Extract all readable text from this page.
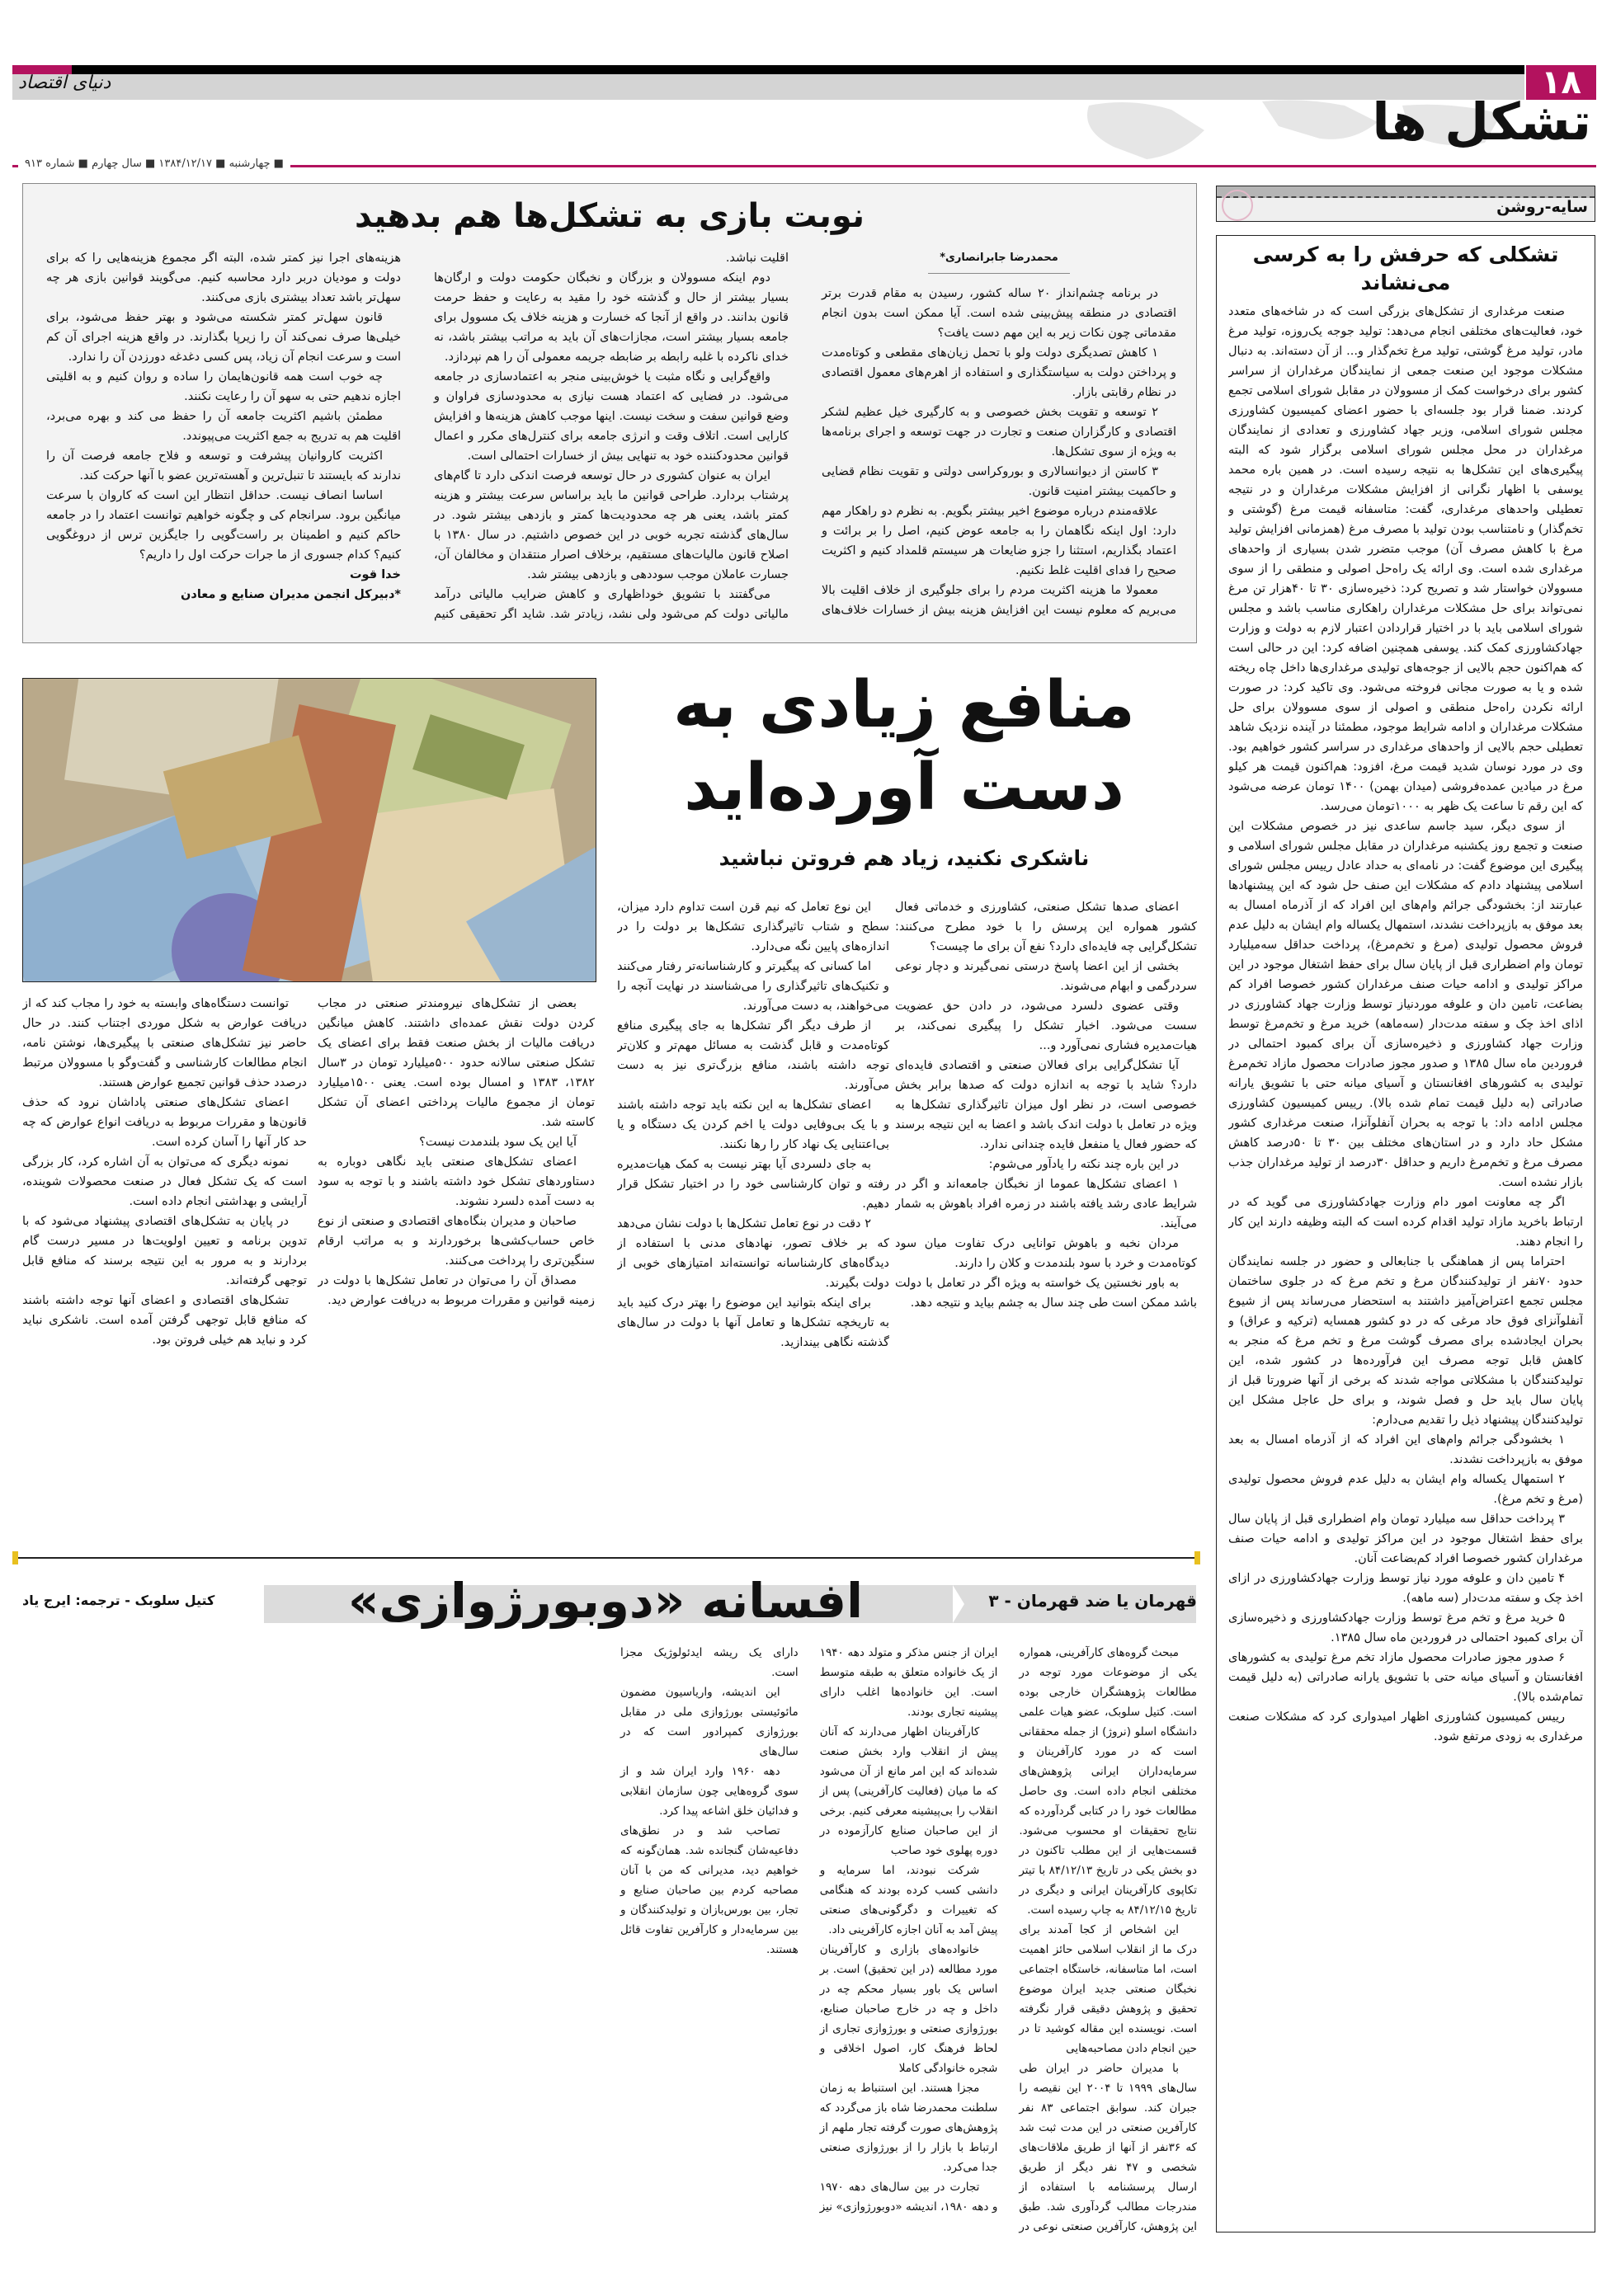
دنیای اقتصاد	۱۸
تشکل ها
■ چهارشنبه ■ ۱۳۸۴/۱۲/۱۷ ■ سال چهارم ■ شماره ۹۱۳
نوبت بازی به تشکل‌ها هم بدهید

محمدرضا جابرانصاری*

در برنامه چشم‌انداز ۲۰ ساله کشور، رسیدن به مقام قدرت برتر اقتصادی در منطقه پیش‌بینی شده است. آیا ممکن است بدون انجام مقدماتی چون نکات زیر به این مهم دست یافت؟

۱ کاهش تصدیگری دولت ولو با تحمل زیان‌های مقطعی و کوتاه‌مدت و پرداختن دولت به سیاستگذاری و استفاده از اهرم‌های معمول اقتصادی در نظام رقابتی بازار.

۲ توسعه و تقویت بخش خصوصی و به کارگیری خیل عظیم لشکر اقتصادی و کارگزاران صنعت و تجارت در جهت توسعه و اجرای برنامه‌ها به ویژه از سوی تشکل‌ها.

۳ کاستن از دیوانسالاری و بوروکراسی دولتی و تقویت نظام قضایی و حاکمیت بیشتر امنیت قانون.

علاقه‌مندم درباره موضوع اخیر بیشتر بگویم. به نظرم دو راهکار مهم دارد: اول اینکه نگاهمان را به جامعه عوض کنیم، اصل را بر برائت و اعتماد بگذاریم، استثنا را جزو ضایعات هر سیستم قلمداد کنیم و اکثریت صحیح را فدای اقلیت غلط نکنیم.

معمولا ما هزینه اکثریت مردم را برای جلوگیری از خلاف اقلیت بالا می‌بریم که معلوم نیست این افزایش هزینه بیش از خسارات خلاف‌های اقلیت نباشد.

دوم اینکه مسوولان و بزرگان و نخبگان حکومت دولت و ارگان‌ها بسیار بیشتر از حال و گذشته خود را مقید به رعایت و حفظ حرمت قانون بدانند. در واقع از آنجا که خسارت و هزینه خلاف یک مسوول برای جامعه بسیار بیشتر است، مجازات‌های آن باید به مراتب بیشتر باشد، نه خدای ناکرده با غلبه رابطه بر ضابطه جریمه معمولی آن را هم نپردازد.

واقع‌گرایی و نگاه مثبت یا خوش‌بینی منجر به اعتمادسازی در جامعه می‌شود. در فضایی که اعتماد هست نیازی به محدودسازی فراوان و وضع قوانین سفت و سخت نیست. اینها موجب کاهش هزینه‌ها و افزایش کارایی است. اتلاف وقت و انرژی جامعه برای کنترل‌های مکرر و اعمال قوانین محدودکننده خود به تنهایی بیش از خسارات احتمالی است.

ایران به عنوان کشوری در حال توسعه فرصت اندکی دارد تا گام‌های پرشتاب بردارد. طراحی قوانین ما باید براساس سرعت بیشتر و هزینه کمتر باشد، یعنی هر چه محدودیت‌ها کمتر و بازدهی بیشتر شود. در سال‌های گذشته تجربه خوبی در این خصوص داشتیم. در سال ۱۳۸۰ با اصلاح قانون مالیات‌های مستقیم، برخلاف اصرار منتقدان و مخالفان آن، جسارت عاملان موجب سوددهی و بازدهی بیشتر شد.

می‌گفتند با تشویق خوداظهاری و کاهش ضرایب مالیاتی درآمد مالیاتی دولت کم می‌شود ولی نشد، زیادتر شد. شاید اگر تحقیقی کنیم هزینه‌های اجرا نیز کمتر شده، البته اگر مجموع هزینه‌هایی را که برای دولت و مودیان دربر دارد محاسبه کنیم. می‌گویند قوانین بازی هر چه سهل‌تر باشد تعداد بیشتری بازی می‌کنند.

قانون سهل‌تر کمتر شکسته می‌شود و بهتر حفظ می‌شود، برای خیلی‌ها صرف نمی‌کند آن را زیرپا بگذارند. در واقع هزینه اجرای آن کم است و سرعت انجام آن زیاد، پس کسی دغدغه دورزدن آن را ندارد.

چه خوب است همه قانون‌هایمان را ساده و روان کنیم و به اقلیتی اجازه ندهیم حتی به سهو آن را رعایت نکنند.

مطمئن باشیم اکثریت جامعه آن را حفظ می کند و بهره می‌برد، اقلیت هم به تدریج به جمع اکثریت می‌پیوندد.

اکثریت کاروانیان پیشرفت و توسعه و فلاح جامعه فرصت آن را ندارند که بایستند تا تنبل‌ترین و آهسته‌ترین عضو با آنها حرکت کند.

اساسا انصاف نیست. حداقل انتظار این است که کاروان با سرعت میانگین برود. سرانجام کی و چگونه خواهیم توانست اعتماد را در جامعه حاکم کنیم و اطمینان بر راست‌گویی را جایگزین ترس از دروغگویی کنیم؟ کدام جسوری از ما جرات حرکت اول را داریم؟

خدا قوت

*دبیرکل انجمن مدیران صنایع و معادن

سایه-روشن
تشکلی که حرفش را به کرسی می‌نشاند

صنعت مرغداری از تشکل‌های بزرگی است که در شاخه‌های متعدد خود، فعالیت‌های مختلفی انجام می‌دهد: تولید جوجه یک‌روزه، تولید مرغ مادر، تولید مرغ گوشتی، تولید مرغ تخم‌گذار و... از آن دسته‌اند. به دنبال مشکلات موجود این صنعت جمعی از نمایندگان مرغداران از سراسر کشور برای درخواست کمک از مسوولان در مقابل شورای اسلامی تجمع کردند. ضمنا قرار بود جلسه‌ای با حضور اعضای کمیسیون کشاورزی مجلس شورای اسلامی، وزیر جهاد کشاورزی و تعدادی از نمایندگان مرغداران در محل مجلس شورای اسلامی برگزار شود که البته پیگیری‌های این تشکل‌ها به نتیجه رسیده است. در همین باره محمد یوسفی با اظهار نگرانی از افزایش مشکلات مرغداران و در نتیجه تعطیلی واحدهای مرغداری، گفت: متاسفانه قیمت مرغ (گوشتی و تخم‌گذار) و نامتناسب بودن تولید با مصرف مرغ (همزمانی افزایش تولید مرغ با کاهش مصرف آن) موجب متضرر شدن بسیاری از واحدهای مرغداری شده است. وی ارائه یک راه‌حل اصولی و منطقی را از سوی مسوولان خواستار شد و تصریح کرد: ذخیره‌سازی ۳۰ تا ۴۰هزار تن مرغ نمی‌تواند برای حل مشکلات مرغداران راهکاری مناسب باشد و مجلس شورای اسلامی باید با در اختیار قراردادن اعتبار لازم به دولت و وزارت جهادکشاورزی کمک کند. یوسفی همچنین اضافه کرد: این در حالی است که هم‌اکنون حجم بالایی از جوجه‌های تولیدی مرغداری‌ها داخل چاه ریخته شده و یا به صورت مجانی فروخته می‌شود. وی تاکید کرد: در صورت ارائه نکردن راه‌حل منطقی و اصولی از سوی مسوولان برای حل مشکلات مرغداران و ادامه شرایط موجود، مطمئنا در آینده نزدیک شاهد تعطیلی حجم بالایی از واحدهای مرغداری در سراسر کشور خواهیم بود. وی در مورد نوسان شدید قیمت مرغ، افزود: هم‌اکنون قیمت هر کیلو مرغ در میادین عمده‌فروشی (میدان بهمن) ۱۴۰۰ تومان عرضه می‌شود که این رقم تا ساعت یک ظهر به ۱۰۰۰تومان می‌رسد.

از سوی دیگر، سید جاسم ساعدی نیز در خصوص مشکلات این صنعت و تجمع روز یکشنبه مرغداران در مقابل مجلس شورای اسلامی و پیگیری این موضوع گفت: در نامه‌ای به حداد عادل رییس مجلس شورای اسلامی پیشنهاد دادم که مشکلات این صنف حل شود که این پیشنهادها عبارتند از: بخشودگی جرائم وام‌های این افراد که از آذرماه امسال به بعد موفق به بازپرداخت نشدند، استمهال یکساله وام ایشان به دلیل عدم فروش محصول تولیدی (مرغ و تخم‌مرغ)، پرداخت حداقل سه‌میلیارد تومان وام اضطراری قبل از پایان سال برای حفظ اشتغال موجود در این مراکز تولیدی و ادامه حیات صنف مرغداران کشور خصوصا افراد کم بضاعت، تامین دان و علوفه موردنیاز توسط وزارت جهاد کشاورزی در اذای اخذ چک و سفته مدت‌دار (سه‌ماهه) خرید مرغ و تخم‌مرغ توسط وزارت جهاد کشاورزی و ذخیره‌سازی آن برای کمبود احتمالی در فروردین ماه سال ۱۳۸۵ و صدور مجوز صادرات محصول مازاد تخم‌مرغ تولیدی به کشورهای افغانستان و آسیای میانه حتی با تشویق یارانه صادراتی (به دلیل قیمت تمام شده بالا). رییس کمیسیون کشاورزی مجلس ادامه داد: با توجه به بحران آنفلوآنزا، صنعت مرغداری کشور مشکل حاد دارد و در استان‌های مختلف بین ۳۰ تا ۵۰درصد کاهش مصرف مرغ و تخم‌مرغ داریم و حداقل ۳۰درصد از تولید مرغداران جذب بازار نشده است.

اگر چه معاونت امور دام وزارت جهادکشاورزی می گوید که در ارتباط باخرید مازاد تولید اقدام کرده است که البته وظیفه دارند این کار را انجام دهند.

احتراما پس از هماهنگی با جنابعالی و حضور در جلسه نمایندگان حدود ۷۰نفر از تولیدکنندگان مرغ و تخم مرغ که در جلوی ساختمان مجلس تجمع اعتراض‌آمیز داشتند به استحضار می‌رساند پس از شیوع آنفلوآنزای فوق حاد مرغی که در دو کشور همسایه (ترکیه و عراق) و بحران ایجادشده برای مصرف گوشت مرغ و تخم مرغ که منجر به کاهش قابل توجه مصرف این فرآورده‌ها در کشور شده، این تولیدکنندگان با مشکلاتی مواجه شدند که برخی از آنها ضرورتا قبل از پایان سال باید حل و فصل شوند، و برای حل عاجل مشکل این تولیدکنندگان پیشنهاد ذیل را تقدیم می‌دارم:

۱ بخشودگی جرائم وام‌های این افراد که از آذرماه امسال به بعد موفق به بازپرداخت نشدند.

۲ استمهال یکساله وام ایشان به دلیل عدم فروش محصول تولیدی (مرغ و تخم مرغ).

۳ پرداخت حداقل سه میلیارد تومان وام اضطراری قبل از پایان سال برای حفظ اشتغال موجود در این مراکز تولیدی و ادامه حیات صنف مرغداران کشور خصوصا افراد کم‌بضاعت آنان.

۴ تامین دان و علوفه مورد نیاز توسط وزارت جهادکشاورزی در ازای اخذ چک و سفته مدت‌دار (سه ماهه).

۵ خرید مرغ و تخم مرغ توسط وزارت جهادکشاورزی و ذخیره‌سازی آن برای کمبود احتمالی در فروردین ماه سال ۱۳۸۵.

۶ صدور مجوز صادرات محصول مازاد تخم مرغ تولیدی به کشورهای افغانستان و آسیای میانه حتی با تشویق یارانه صادراتی (به دلیل قیمت تمام‌شده بالا).

رییس کمیسیون کشاورزی اظهار امیدواری کرد که مشکلات صنعت مرغداری به زودی مرتفع شود.

منافع زیادی به دست آورده‌اید
ناشکری نکنید، زیاد هم فروتن نباشید

اعضای صدها تشکل صنعتی، کشاورزی و خدماتی فعال کشور همواره این پرسش را با خود مطرح می‌کنند: تشکل‌گرایی چه فایده‌ای دارد؟ نفع آن برای ما چیست؟

بخشی از این اعضا پاسخ درستی نمی‌گیرند و دچار نوعی سردرگمی و ابهام می‌شوند.

وقتی عضوی دلسرد می‌شود، در دادن حق عضویت سست می‌شود. اخبار تشکل را پیگیری نمی‌کند، بر هیات‌مدیره فشاری نمی‌آورد و...

آیا تشکل‌گرایی برای فعالان صنعتی و اقتصادی فایده‌ای دارد؟ شاید با توجه به اندازه دولت که صدها برابر بخش خصوصی است، در نظر اول میزان تاثیرگذاری تشکل‌ها به ویژه در تعامل با دولت اندک باشد و اعضا به این نتیجه برسند که حضور فعال یا منفعل فایده چندانی ندارد.

در این باره چند نکته را یادآور می‌شوم:

۱ اعضای تشکل‌ها عموما از نخبگان جامعه‌اند و اگر در شرایط عادی رشد یافته باشند در زمره افراد باهوش به شمار می‌آیند.

مردان نخبه و باهوش توانایی درک تفاوت میان سود کوتاه‌مدت و خرد با سود بلندمدت و کلان را دارند.

به باور نخستین یک خواسته به ویژه اگر در تعامل با دولت باشد ممکن است طی چند سال به چشم بیاید و نتیجه دهد.

این نوع تعامل که نیم قرن است تداوم دارد میزان، سطح و شتاب تاثیرگذاری تشکل‌ها بر دولت را در اندازه‌های پایین نگه می‌دارد.

اما کسانی که پیگیرتر و کارشناسانه‌تر رفتار می‌کنند و تکنیک‌های تاثیرگذاری را می‌شناسند در نهایت آنچه را می‌خواهند، به دست می‌آورند.

از طرف دیگر اگر تشکل‌ها به جای پیگیری منافع کوتاه‌مدت و قابل گذشت به مسائل مهم‌تر و کلان‌تر توجه داشته باشند، منافع بزرگ‌تری نیز به دست می‌آورند.

اعضای تشکل‌ها به این نکته باید توجه داشته باشند و با یک بی‌وفایی دولت یا اخم کردن یک دستگاه و یا بی‌اعتنایی یک نهاد کار را رها نکنند.

به جای دلسردی آیا بهتر نیست به کمک هیات‌مدیره رفته و توان کارشناسی خود را در اختیار تشکل قرار دهیم.

۲ دقت در نوع تعامل تشکل‌ها با دولت نشان می‌دهد که بر خلاف تصور، نهادهای مدنی با استفاده از دیدگاه‌های کارشناسانه توانسته‌اند امتیازهای خوبی از دولت بگیرند.

برای اینکه بتوانید این موضوع را بهتر درک کنید باید به تاریخچه تشکل‌ها و تعامل آنها با دولت در سال‌های گذشته نگاهی بیندازید.

بعضی از تشکل‌های نیرومندتر صنعتی در مجاب کردن دولت نقش عمده‌ای داشتند. کاهش میانگین دریافت مالیات از بخش صنعت فقط برای اعضای یک تشکل صنعتی سالانه حدود ۵۰۰میلیارد تومان در ۳سال ۱۳۸۲، ۱۳۸۳ و امسال بوده است. یعنی ۱۵۰۰میلیارد تومان از مجموع مالیات پرداختی اعضای آن تشکل کاسته شد.

آیا این یک سود بلندمدت نیست؟

اعضای تشکل‌های صنعتی باید نگاهی دوباره به دستاوردهای تشکل خود داشته باشند و با توجه به سود به دست آمده دلسرد نشوند.

صاحبان و مدیران بنگاه‌های اقتصادی و صنعتی از نوع خاص حساب‌کشی‌ها برخوردارند و به مراتب ارقام سنگین‌تری را پرداخت می‌کنند.

مصداق آن را می‌توان در تعامل تشکل‌ها با دولت در زمینه قوانین و مقررات مربوط به دریافت عوارض دید.

توانست دستگاه‌های وابسته به خود را مجاب کند که از دریافت عوارض به شکل موردی اجتناب کنند. در حال حاضر نیز تشکل‌های صنعتی با پیگیری‌ها، نوشتن نامه، انجام مطالعات کارشناسی و گفت‌وگو با مسوولان مرتبط درصدد حذف قوانین تجمیع عوارض هستند.

اعضای تشکل‌های صنعتی پاداشان نرود که حذف قانون‌ها و مقررات مربوط به دریافت انواع عوارض که چه حد کار آنها را آسان کرده است.

نمونه دیگری که می‌توان به آن اشاره کرد، کار بزرگی است که یک تشکل فعال در صنعت محصولات شوینده، آرایشی و بهداشتی انجام داده است.

در پایان به تشکل‌های اقتصادی پیشنهاد می‌شود که با تدوین برنامه و تعیین اولویت‌ها در مسیر درست گام بردارند و به مرور به این نتیجه برسند که منافع قابل توجهی گرفته‌اند.

تشکل‌های اقتصادی و اعضای آنها توجه داشته باشند که منافع قابل توجهی گرفتن آمده است. ناشکری نباید کرد و نباید هم خیلی فروتن بود.

قهرمان یا ضد قهرمان - ۳
افسانه «دوبورژوازی»
کتیل سلوبک - ترجمه: ایرج یاد

مبحث گروه‌های کارآفرینی، همواره یکی از موضوعات مورد توجه در مطالعات پژوهشگران خارجی بوده است. کتیل سلوبک، عضو هیات علمی دانشگاه اسلو (نروژ) از جمله محققانی است که در مورد کارآفرینان و سرمایه‌داران ایرانی پژوهش‌های مختلفی انجام داده است. وی حاصل مطالعات خود را در کتابی گردآورده که نتایج تحقیقات او محسوب می‌شود. قسمت‌هایی از این مطلب تاکنون در دو بخش یکی در تاریخ ۸۴/۱۲/۱۳ با تیتر تکاپوی کارآفرینان ایرانی و دیگری در تاریخ ۸۴/۱۲/۱۵ به چاپ رسیده است.

این اشخاص از کجا آمدند برای درک ما از انقلاب اسلامی حائز اهمیت است، اما متاسفانه، خاستگاه اجتماعی نخبگان صنعتی جدید ایران موضوع تحقیق و پژوهش دقیقی قرار نگرفته است. نویسنده این مقاله کوشید تا در حین انجام دادن مصاحبه‌هایی

با مدیران حاضر در ایران طی سال‌های ۱۹۹۹ تا ۲۰۰۴ این نقیصه را جبران کند. سوابق اجتماعی ۸۳ نفر کارآفرین صنعتی در این مدت ثبت شد که ۳۶نفر از آنها از طریق ملاقات‌های شخصی و ۴۷ نفر دیگر از طریق ارسال پرسشنامه با استفاده از مندرجات مطالب گردآوری شد. طبق این پژوهش، کارآفرین صنعتی نوعی در ایران از جنس مذکر و متولد دهه ۱۹۴۰ از یک خانواده متعلق به طبقه متوسط است. این خانواده‌ها اغلب دارای پیشینه تجاری بودند.

کارآفرینان اظهار می‌دارند که آنان پیش از انقلاب وارد بخش صنعت شده‌اند که این امر مانع از آن می‌شود که ما میان (فعالیت کارآفرینی) پس از انقلاب را بی‌پیشینه معرفی کنیم. برخی از این صاحبان صنایع کارآزموده در دوره پهلوی خود صاحب

شرکت نبودند، اما سرمایه و دانشی کسب کرده بودند که هنگامی که تغییرات و دگرگونی‌های صنعتی پیش آمد به آنان اجازه کارآفرینی داد.

خانواده‌های بازاری و کارآفرینان مورد مطالعه (در این تحقیق) است. بر اساس یک باور بسیار محکم چه در داخل و چه در خارج صاحبان صنایع، بورژوازی صنعتی و بورژوازی تجاری از لحاظ فرهنگ کار، اصول اخلاقی و شجره خانوادگی کاملا

مجزا هستند. این استنباط به زمان سلطنت محمدرضا شاه باز می‌گردد که پژوهش‌های صورت گرفته تجار ملهم از ارتباط با بازار را از بورژوازی صنعتی جدا می‌کرد.

تجارت در بین سال‌های دهه ۱۹۷۰ و دهه ۱۹۸۰، اندیشه «دوبورژوازی» نیز دارای یک ریشه ایدئولوژیک مجزا است.

این اندیشه، واریاسیون مضمون مائوئیستی بورژوازی ملی در مقابل بورژوازی کمپرادور است که در سال‌های

دهه ۱۹۶۰ وارد ایران شد و از سوی گروه‌هایی چون سازمان انقلابی و فدائیان خلق اشاعه پیدا کرد.

تصاحب شد و در نطق‌های دفاعیه‌شان گنجانده شد. همان‌گونه که خواهیم دید، مدیرانی که من با آنان مصاحبه کردم بین صاحبان صنایع و تجار، بین بورس‌بازان و تولیدکنندگان و بین سرمایه‌دار و کارآفرین تفاوت قائل هستند.
